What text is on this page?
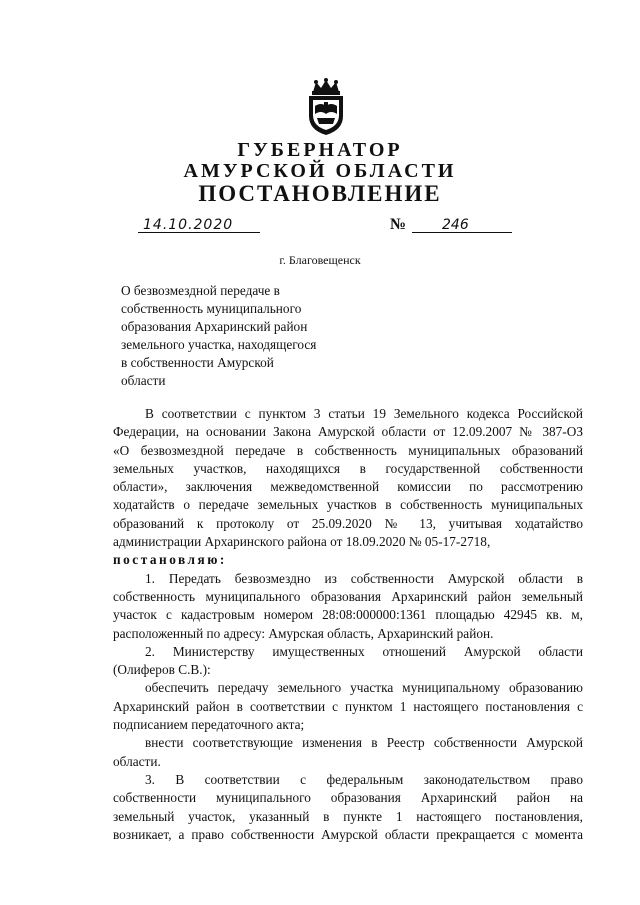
ГУБЕРНАТОР
АМУРСКОЙ ОБЛАСТИ
ПОСТАНОВЛЕНИЕ
14.10.2020	№	246
г. Благовещенск
О безвозмездной передаче в
собственность муниципального
образования Архаринский район
земельного участка, находящегося
в собственности Амурской
области
В соответствии с пунктом 3 статьи 19 Земельного кодекса Российской
Федерации, на основании Закона Амурской области от 12.09.2007 № 387-ОЗ
«О безвозмездной передаче в собственность муниципальных образований
земельных участков, находящихся в государственной собственности
области», заключения межведомственной комиссии по рассмотрению
ходатайств о передаче земельных участков в собственность муниципальных
образований к протоколу от 25.09.2020 № 13, учитывая ходатайство
администрации Архаринского района от 18.09.2020 № 05-17-2718,
постановляю:
1. Передать безвозмездно из собственности Амурской области в
собственность муниципального образования Архаринский район земельный
участок с кадастровым номером 28:08:000000:1361 площадью 42945 кв. м,
расположенный по адресу: Амурская область, Архаринский район.
2. Министерству имущественных отношений Амурской области
(Олиферов С.В.):
обеспечить передачу земельного участка муниципальному образованию
Архаринский район в соответствии с пунктом 1 настоящего постановления с
подписанием передаточного акта;
внести соответствующие изменения в Реестр собственности Амурской
области.
3. В соответствии с федеральным законодательством право
собственности муниципального образования Архаринский район на
земельный участок, указанный в пункте 1 настоящего постановления,
возникает, а право собственности Амурской области прекращается с момента
